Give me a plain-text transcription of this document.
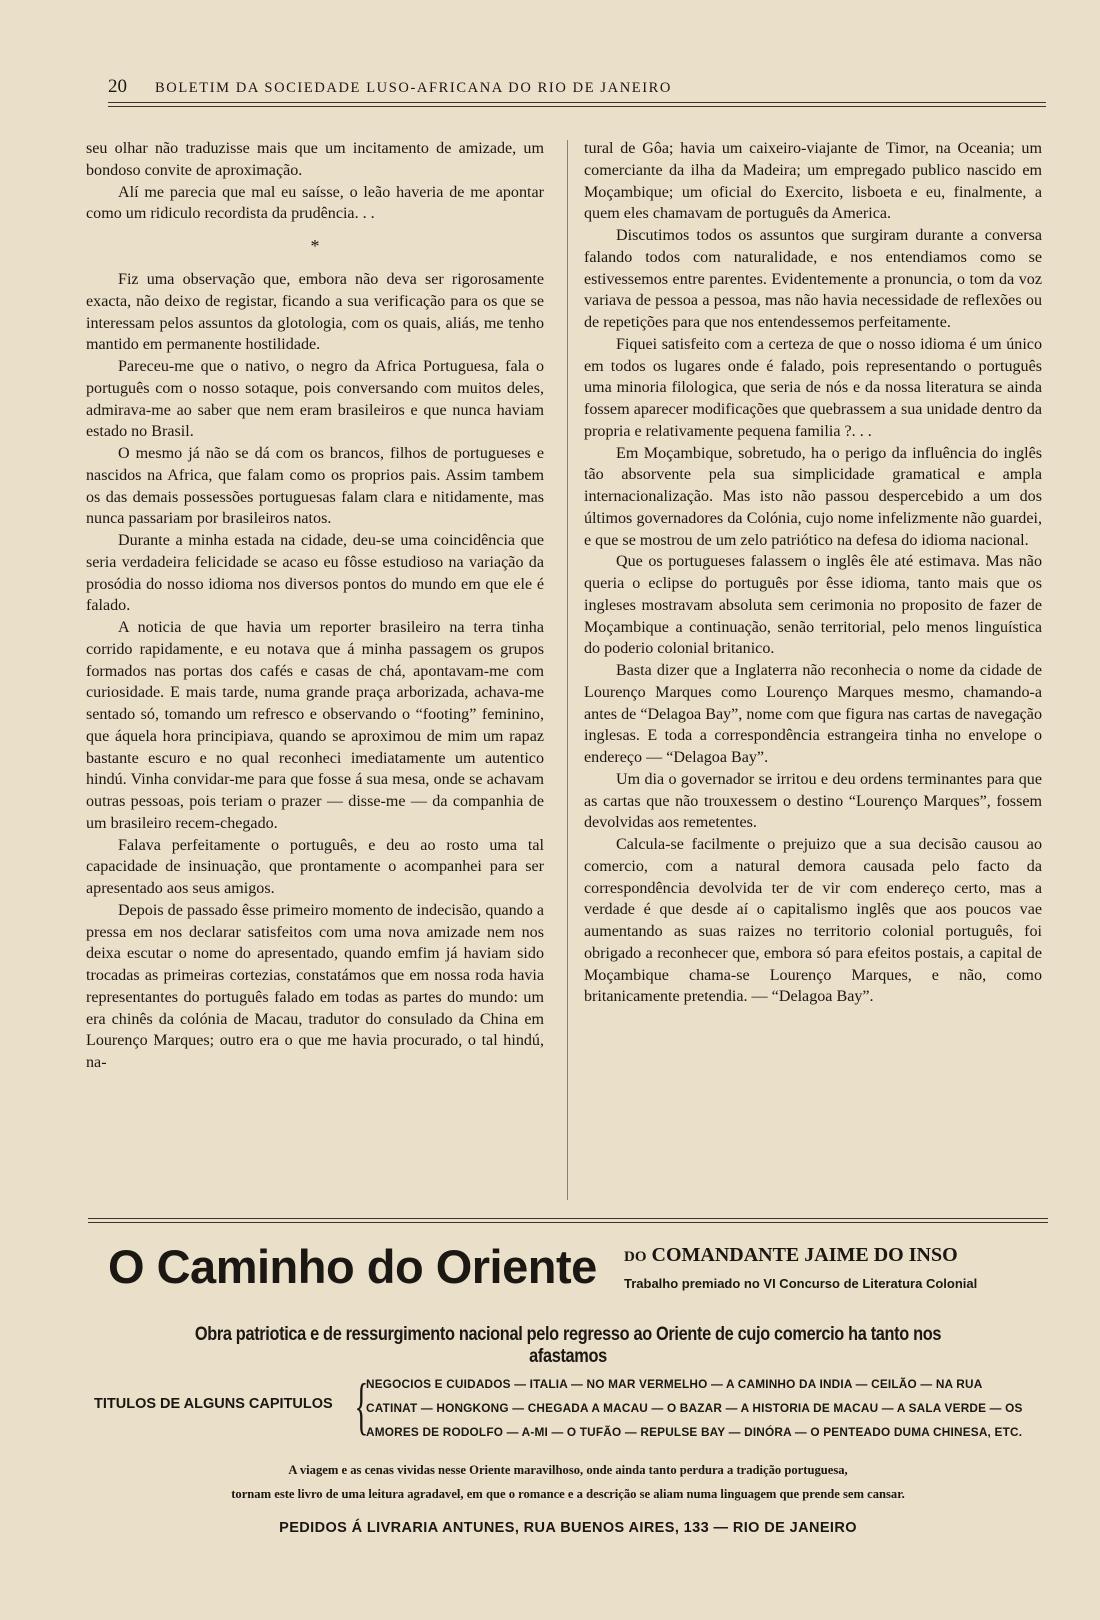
20 BOLETIM DA SOCIEDADE LUSO-AFRICANA DO RIO DE JANEIRO

seu olhar não traduzisse mais que um incitamento de amizade, um bondoso convite de aproximação.

Alí me parecia que mal eu saísse, o leão haveria de me apontar como um ridiculo recordista da prudência. . .

*

Fiz uma observação que, embora não deva ser rigorosamente exacta, não deixo de registar, ficando a sua verificação para os que se interessam pelos assuntos da glotologia, com os quais, aliás, me tenho mantido em permanente hostilidade.

Pareceu-me que o nativo, o negro da Africa Portuguesa, fala o português com o nosso sotaque, pois conversando com muitos deles, admirava-me ao saber que nem eram brasileiros e que nunca haviam estado no Brasil.

O mesmo já não se dá com os brancos, filhos de portugueses e nascidos na Africa, que falam como os proprios pais. Assim tambem os das demais possessões portuguesas falam clara e nitidamente, mas nunca passariam por brasileiros natos.

Durante a minha estada na cidade, deu-se uma coincidência que seria verdadeira felicidade se acaso eu fôsse estudioso na variação da prosódia do nosso idioma nos diversos pontos do mundo em que ele é falado.

A noticia de que havia um reporter brasileiro na terra tinha corrido rapidamente, e eu notava que á minha passagem os grupos formados nas portas dos cafés e casas de chá, apontavam-me com curiosidade. E mais tarde, numa grande praça arborizada, achava-me sentado só, tomando um refresco e observando o “footing” feminino, que áquela hora principiava, quando se aproximou de mim um rapaz bastante escuro e no qual reconheci imediatamente um autentico hindú. Vinha convidar-me para que fosse á sua mesa, onde se achavam outras pessoas, pois teriam o prazer — disse-me — da companhia de um brasileiro recem-chegado.

Falava perfeitamente o português, e deu ao rosto uma tal capacidade de insinuação, que prontamente o acompanhei para ser apresentado aos seus amigos.

Depois de passado êsse primeiro momento de indecisão, quando a pressa em nos declarar satisfeitos com uma nova amizade nem nos deixa escutar o nome do apresentado, quando emfim já haviam sido trocadas as primeiras cortezias, constatámos que em nossa roda havia representantes do português falado em todas as partes do mundo: um era chinês da colónia de Macau, tradutor do consulado da China em Lourenço Marques; outro era o que me havia procurado, o tal hindú, na-

tural de Gôa; havia um caixeiro-viajante de Timor, na Oceania; um comerciante da ilha da Madeira; um empregado publico nascido em Moçambique; um oficial do Exercito, lisboeta e eu, finalmente, a quem eles chamavam de português da America.

Discutimos todos os assuntos que surgiram durante a conversa falando todos com naturalidade, e nos entendiamos como se estivessemos entre parentes. Evidentemente a pronuncia, o tom da voz variava de pessoa a pessoa, mas não havia necessidade de reflexões ou de repetições para que nos entendessemos perfeitamente.

Fiquei satisfeito com a certeza de que o nosso idioma é um único em todos os lugares onde é falado, pois representando o português uma minoria filologica, que seria de nós e da nossa literatura se ainda fossem aparecer modificações que quebrassem a sua unidade dentro da propria e relativamente pequena familia ?. . .

Em Moçambique, sobretudo, ha o perigo da influência do inglês tão absorvente pela sua simplicidade gramatical e ampla internacionalização. Mas isto não passou despercebido a um dos últimos governadores da Colónia, cujo nome infelizmente não guardei, e que se mostrou de um zelo patriótico na defesa do idioma nacional.

Que os portugueses falassem o inglês êle até estimava. Mas não queria o eclipse do português por êsse idioma, tanto mais que os ingleses mostravam absoluta sem cerimonia no proposito de fazer de Moçambique a continuação, senão territorial, pelo menos linguística do poderio colonial britanico.

Basta dizer que a Inglaterra não reconhecia o nome da cidade de Lourenço Marques como Lourenço Marques mesmo, chamando-a antes de “Delagoa Bay”, nome com que figura nas cartas de navegação inglesas. E toda a correspondência estrangeira tinha no envelope o endereço — “Delagoa Bay”.

Um dia o governador se irritou e deu ordens terminantes para que as cartas que não trouxessem o destino “Lourenço Marques”, fossem devolvidas aos remetentes.

Calcula-se facilmente o prejuizo que a sua decisão causou ao comercio, com a natural demora causada pelo facto da correspondência devolvida ter de vir com endereço certo, mas a verdade é que desde aí o capitalismo inglês que aos poucos vae aumentando as suas raizes no territorio colonial português, foi obrigado a reconhecer que, embora só para efeitos postais, a capital de Moçambique chama-se Lourenço Marques, e não, como britanicamente pretendia. — “Delagoa Bay”.

O Caminho do Oriente DO COMANDANTE JAIME DO INSO
Trabalho premiado no VI Concurso de Literatura Colonial
Obra patriotica e de ressurgimento nacional pelo regresso ao Oriente de cujo comercio ha tanto nos afastamos
TITULOS DE ALGUNS CAPITULOS {
NEGOCIOS E CUIDADOS — ITALIA — NO MAR VERMELHO — A CAMINHO DA INDIA — CEILÃO — NA RUA
CATINAT — HONGKONG — CHEGADA A MACAU — O BAZAR — A HISTORIA DE MACAU — A SALA VERDE — OS
AMORES DE RODOLFO — A-MI — O TUFÃO — REPULSE BAY — DINÓRA — O PENTEADO DUMA CHINESA, ETC.
A viagem e as cenas vividas nesse Oriente maravilhoso, onde ainda tanto perdura a tradição portuguesa,
tornam este livro de uma leitura agradavel, em que o romance e a descrição se aliam numa linguagem que prende sem cansar.
PEDIDOS Á LIVRARIA ANTUNES, RUA BUENOS AIRES, 133 — RIO DE JANEIRO
